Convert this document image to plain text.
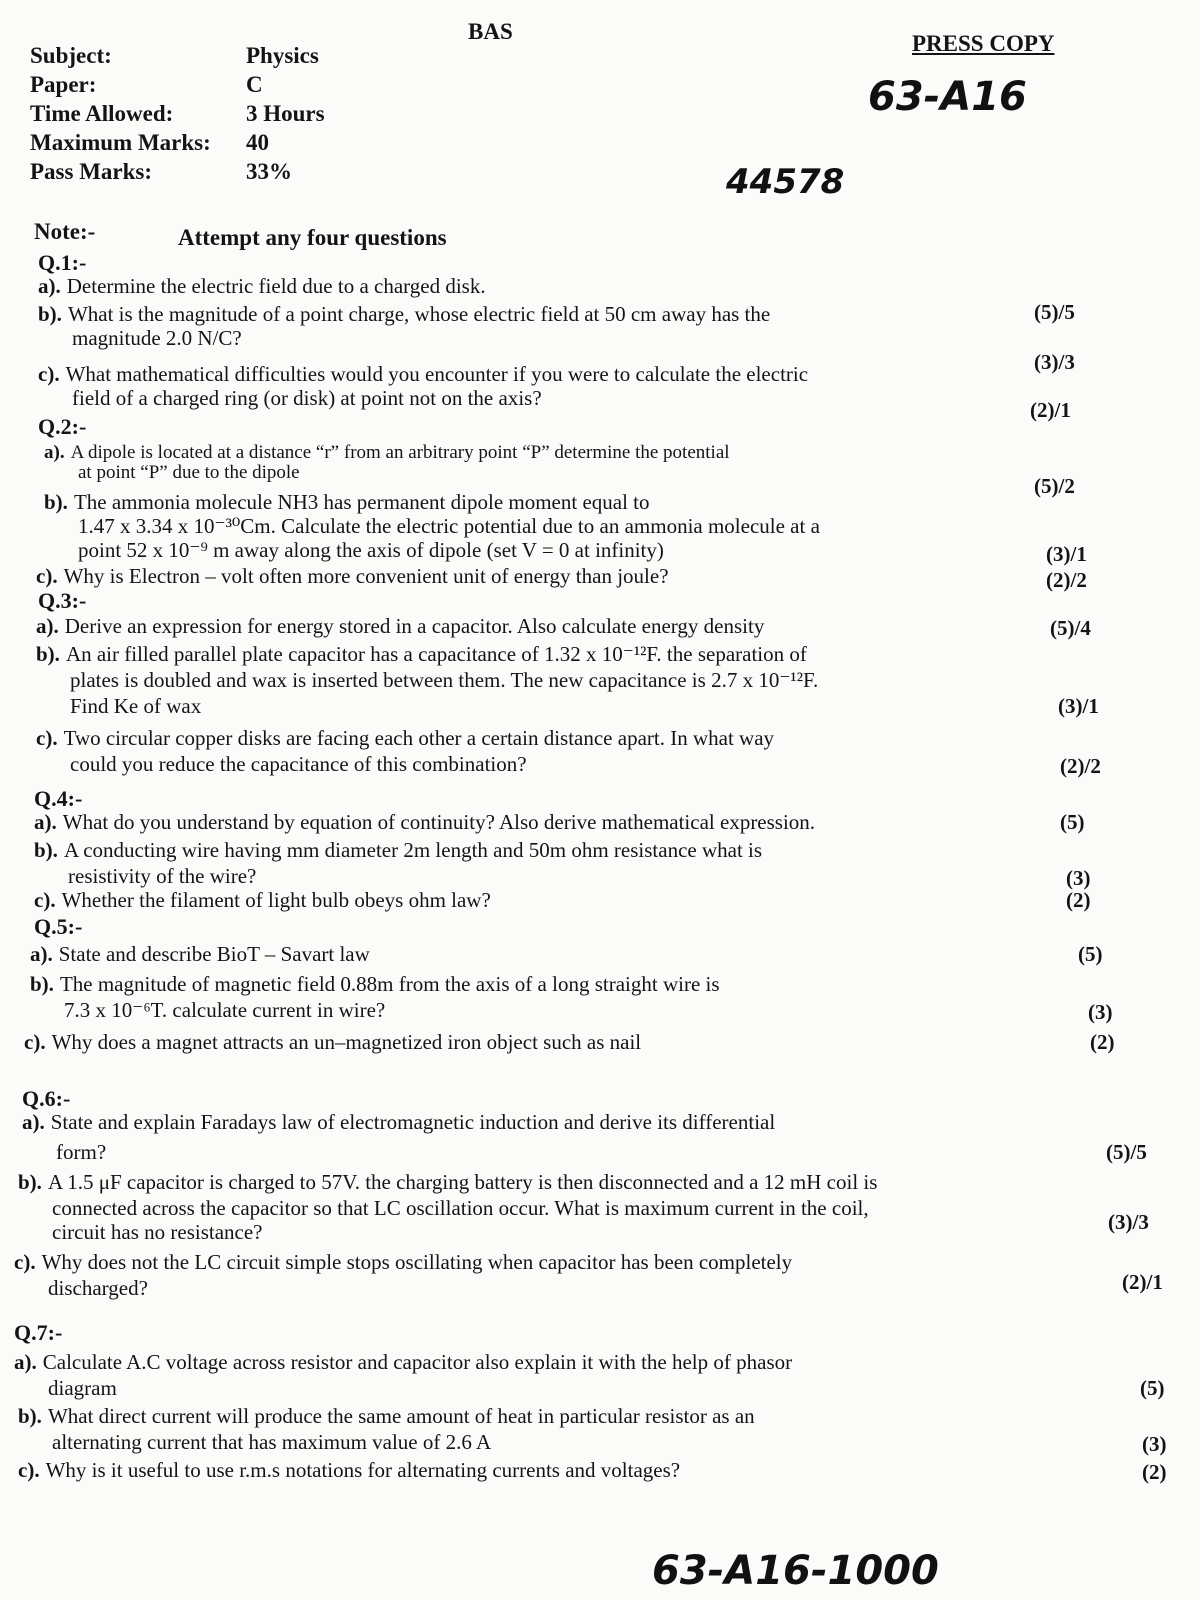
BAS	PRESS COPY
63-A16
44578
Subject:	Physics
Paper:	C
Time Allowed:	3 Hours
Maximum Marks: 40
Pass Marks:	33%
Note:-	Attempt any four questions
Q.1:-
a). Determine the electric field due to a charged disk.
(5)/5
b). What is the magnitude of a point charge, whose electric field at 50 cm away has the
magnitude 2.0 N/C?
(3)/3
c). What mathematical difficulties would you encounter if you were to calculate the electric
field of a charged ring (or disk) at point not on the axis?	(2)/1
Q.2:-
a). A dipole is located at a distance “r” from an arbitrary point “P” determine the potential
at point “P” due to the dipole
(5)/2
b). The ammonia molecule NH3 has permanent dipole moment equal to
1.47 x 3.34 x 10⁻³⁰Cm. Calculate the electric potential due to an ammonia molecule at a
point 52 x 10⁻⁹ m away along the axis of dipole (set V = 0 at infinity)	(3)/1
c). Why is Electron – volt often more convenient unit of energy than joule?	(2)/2
Q.3:-
a). Derive an expression for energy stored in a capacitor. Also calculate energy density	(5)/4
b). An air filled parallel plate capacitor has a capacitance of 1.32 x 10⁻¹²F. the separation of
plates is doubled and wax is inserted between them. The new capacitance is 2.7 x 10⁻¹²F.
Find Ke of wax	(3)/1
c). Two circular copper disks are facing each other a certain distance apart. In what way
could you reduce the capacitance of this combination?	(2)/2
Q.4:-
a). What do you understand by equation of continuity? Also derive mathematical expression.	(5)
b). A conducting wire having mm diameter 2m length and 50m ohm resistance what is
resistivity of the wire?	(3)
c). Whether the filament of light bulb obeys ohm law?	(2)
Q.5:-
a). State and describe BioT – Savart law	(5)
b). The magnitude of magnetic field 0.88m from the axis of a long straight wire is
7.3 x 10⁻⁶T. calculate current in wire?	(3)
c). Why does a magnet attracts an un–magnetized iron object such as nail	(2)
Q.6:-
a). State and explain Faradays law of electromagnetic induction and derive its differential
form?	(5)/5
b). A 1.5 μF capacitor is charged to 57V. the charging battery is then disconnected and a 12 mH coil is
connected across the capacitor so that LC oscillation occur. What is maximum current in the coil,
circuit has no resistance?	(3)/3
c). Why does not the LC circuit simple stops oscillating when capacitor has been completely
discharged?	(2)/1
Q.7:-
a). Calculate A.C voltage across resistor and capacitor also explain it with the help of phasor
diagram	(5)
b). What direct current will produce the same amount of heat in particular resistor as an
alternating current that has maximum value of 2.6 A	(3)
c). Why is it useful to use r.m.s notations for alternating currents and voltages?	(2)
63-A16-1000
